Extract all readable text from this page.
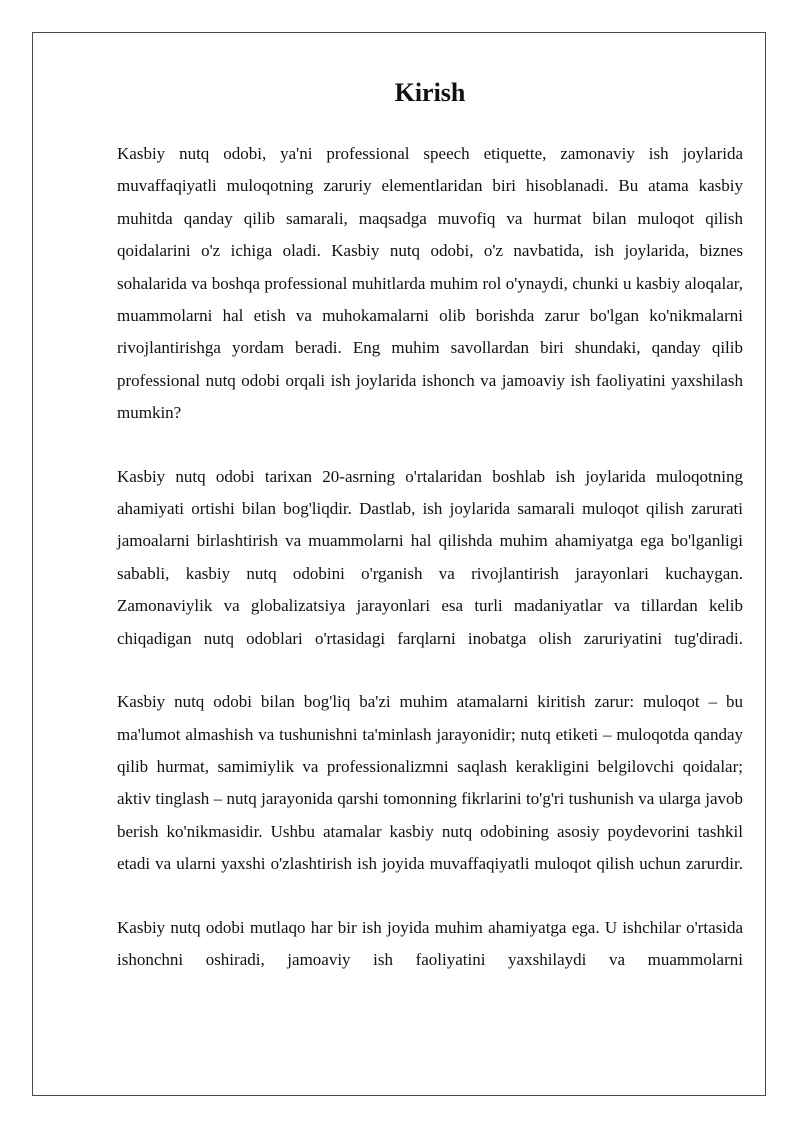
Kirish

Kasbiy nutq odobi, ya'ni professional speech etiquette, zamonaviy ish joylarida muvaffaqiyatli muloqotning zaruriy elementlaridan biri hisoblanadi. Bu atama kasbiy muhitda qanday qilib samarali, maqsadga muvofiq va hurmat bilan muloqot qilish qoidalarini o'z ichiga oladi. Kasbiy nutq odobi, o'z navbatida, ish joylarida, biznes sohalarida va boshqa professional muhitlarda muhim rol o'ynaydi, chunki u kasbiy aloqalar, muammolarni hal etish va muhokamalarni olib borishda zarur bo'lgan ko'nikmalarni rivojlantirishga yordam beradi. Eng muhim savollardan biri shundaki, qanday qilib professional nutq odobi orqali ish joylarida ishonch va jamoaviy ish faoliyatini yaxshilash mumkin?

Kasbiy nutq odobi tarixan 20-asrning o'rtalaridan boshlab ish joylarida muloqotning ahamiyati ortishi bilan bog'liqdir. Dastlab, ish joylarida samarali muloqot qilish zarurati jamoalarni birlashtirish va muammolarni hal qilishda muhim ahamiyatga ega bo'lganligi sababli, kasbiy nutq odobini o'rganish va rivojlantirish jarayonlari kuchaygan. Zamonaviylik va globalizatsiya jarayonlari esa turli madaniyatlar va tillardan kelib chiqadigan nutq odoblari o'rtasidagi farqlarni inobatga olish zaruriyatini tug'diradi.

Kasbiy nutq odobi bilan bog'liq ba'zi muhim atamalarni kiritish zarur: muloqot – bu ma'lumot almashish va tushunishni ta'minlash jarayonidir; nutq etiketi – muloqotda qanday qilib hurmat, samimiylik va professionalizmni saqlash kerakligini belgilovchi qoidalar; aktiv tinglash – nutq jarayonida qarshi tomonning fikrlarini to'g'ri tushunish va ularga javob berish ko'nikmasidir. Ushbu atamalar kasbiy nutq odobining asosiy poydevorini tashkil etadi va ularni yaxshi o'zlashtirish ish joyida muvaffaqiyatli muloqot qilish uchun zarurdir.

Kasbiy nutq odobi mutlaqo har bir ish joyida muhim ahamiyatga ega. U ishchilar o'rtasida ishonchni oshiradi, jamoaviy ish faoliyatini yaxshilaydi va muammolarni
